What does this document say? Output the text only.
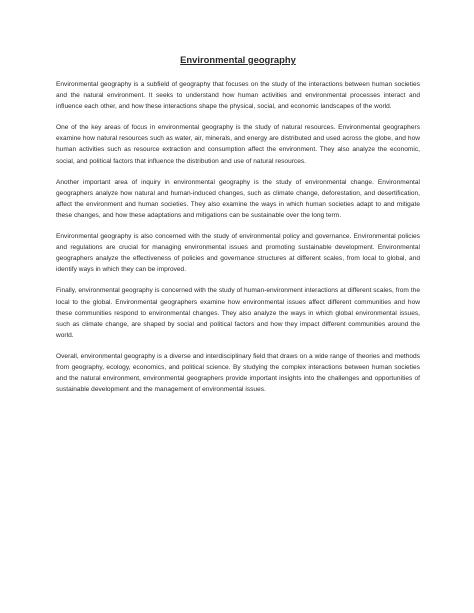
Environmental geography

Environmental geography is a subfield of geography that focuses on the study of the interactions between human societies and the natural environment. It seeks to understand how human activities and environmental processes interact and influence each other, and how these interactions shape the physical, social, and economic landscapes of the world.

One of the key areas of focus in environmental geography is the study of natural resources. Environmental geographers examine how natural resources such as water, air, minerals, and energy are distributed and used across the globe, and how human activities such as resource extraction and consumption affect the environment. They also analyze the economic, social, and political factors that influence the distribution and use of natural resources.

Another important area of inquiry in environmental geography is the study of environmental change. Environmental geographers analyze how natural and human-induced changes, such as climate change, deforestation, and desertification, affect the environment and human societies. They also examine the ways in which human societies adapt to and mitigate these changes, and how these adaptations and mitigations can be sustainable over the long term.

Environmental geography is also concerned with the study of environmental policy and governance. Environmental policies and regulations are crucial for managing environmental issues and promoting sustainable development. Environmental geographers analyze the effectiveness of policies and governance structures at different scales, from local to global, and identify ways in which they can be improved.

Finally, environmental geography is concerned with the study of human-environment interactions at different scales, from the local to the global. Environmental geographers examine how environmental issues affect different communities and how these communities respond to environmental changes. They also analyze the ways in which global environmental issues, such as climate change, are shaped by social and political factors and how they impact different communities around the world.

Overall, environmental geography is a diverse and interdisciplinary field that draws on a wide range of theories and methods from geography, ecology, economics, and political science. By studying the complex interactions between human societies and the natural environment, environmental geographers provide important insights into the challenges and opportunities of sustainable development and the management of environmental issues.
